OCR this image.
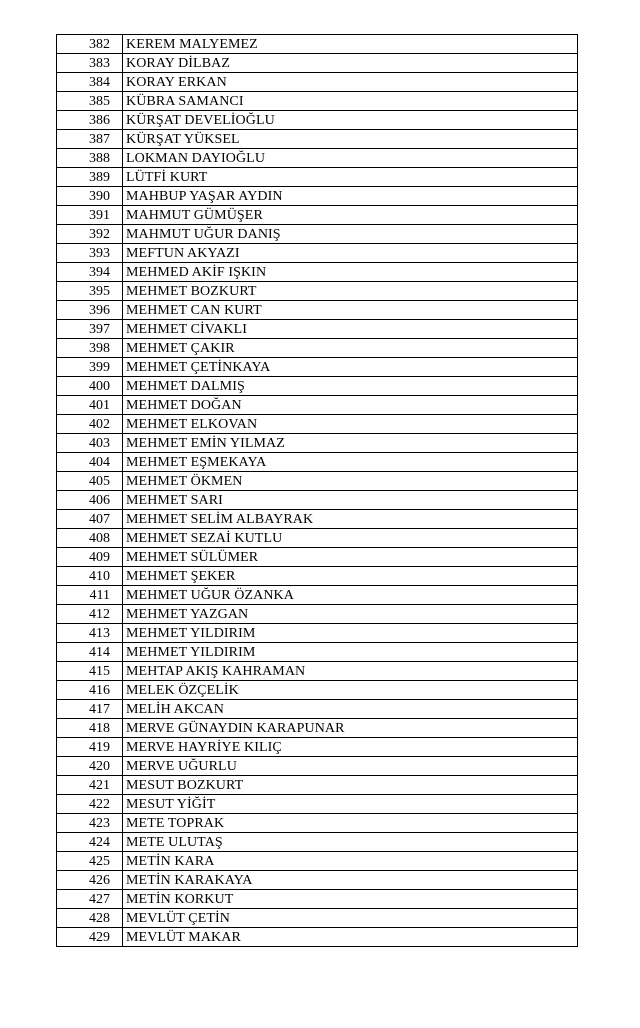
382	KEREM MALYEMEZ
383	KORAY DİLBAZ
384	KORAY ERKAN
385	KÜBRA SAMANCI
386	KÜRŞAT DEVELİOĞLU
387	KÜRŞAT YÜKSEL
388	LOKMAN DAYIOĞLU
389	LÜTFİ KURT
390	MAHBUP YAŞAR AYDIN
391	MAHMUT GÜMÜŞER
392	MAHMUT UĞUR DANIŞ
393	MEFTUN AKYAZI
394	MEHMED AKİF IŞKIN
395	MEHMET BOZKURT
396	MEHMET CAN KURT
397	MEHMET CİVAKLI
398	MEHMET ÇAKIR
399	MEHMET ÇETİNKAYA
400	MEHMET DALMIŞ
401	MEHMET DOĞAN
402	MEHMET ELKOVAN
403	MEHMET EMİN YILMAZ
404	MEHMET EŞMEKAYA
405	MEHMET ÖKMEN
406	MEHMET SARI
407	MEHMET SELİM ALBAYRAK
408	MEHMET SEZAİ KUTLU
409	MEHMET SÜLÜMER
410	MEHMET ŞEKER
411	MEHMET UĞUR ÖZANKA
412	MEHMET YAZGAN
413	MEHMET YILDIRIM
414	MEHMET YILDIRIM
415	MEHTAP AKIŞ KAHRAMAN
416	MELEK ÖZÇELİK
417	MELİH AKCAN
418	MERVE GÜNAYDIN KARAPUNAR
419	MERVE HAYRİYE KILIÇ
420	MERVE UĞURLU
421	MESUT BOZKURT
422	MESUT YİĞİT
423	METE TOPRAK
424	METE ULUTAŞ
425	METİN KARA
426	METİN KARAKAYA
427	METİN KORKUT
428	MEVLÜT ÇETİN
429	MEVLÜT MAKAR
